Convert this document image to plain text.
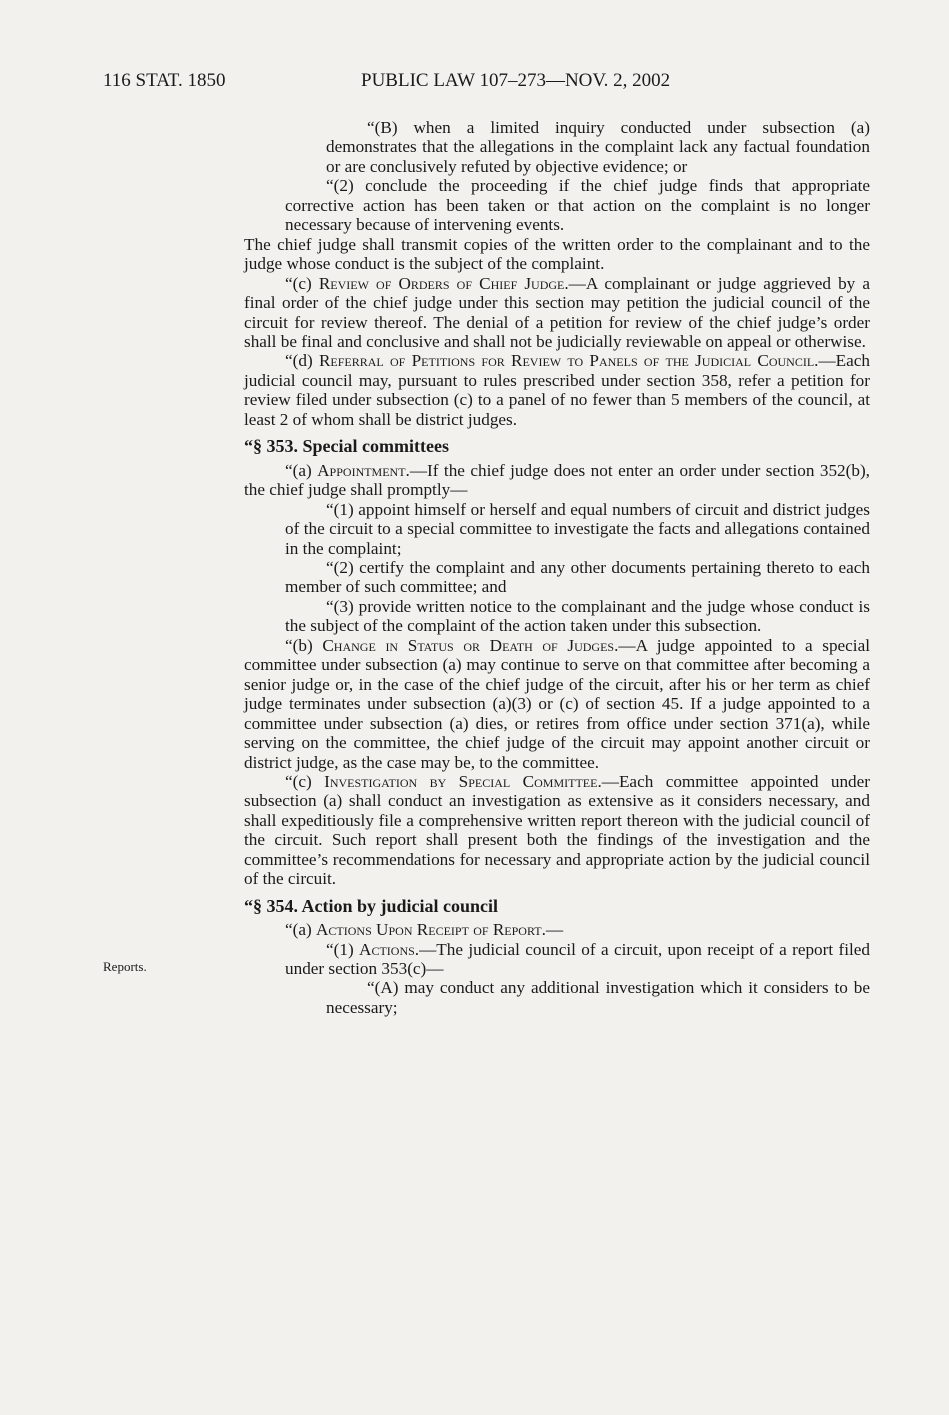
116 STAT. 1850	PUBLIC LAW 107–273—NOV. 2, 2002
Reports.

“(B) when a limited inquiry conducted under subsection (a) demonstrates that the allegations in the complaint lack any factual foundation or are conclusively refuted by objective evidence; or

“(2) conclude the proceeding if the chief judge finds that appropriate corrective action has been taken or that action on the complaint is no longer necessary because of intervening events.

The chief judge shall transmit copies of the written order to the complainant and to the judge whose conduct is the subject of the complaint.

“(c) Review of Orders of Chief Judge.—A complainant or judge aggrieved by a final order of the chief judge under this section may petition the judicial council of the circuit for review thereof. The denial of a petition for review of the chief judge’s order shall be final and conclusive and shall not be judicially reviewable on appeal or otherwise.

“(d) Referral of Petitions for Review to Panels of the Judicial Council.—Each judicial council may, pursuant to rules prescribed under section 358, refer a petition for review filed under subsection (c) to a panel of no fewer than 5 members of the council, at least 2 of whom shall be district judges.

“§ 353. Special committees

“(a) Appointment.—If the chief judge does not enter an order under section 352(b), the chief judge shall promptly—

“(1) appoint himself or herself and equal numbers of circuit and district judges of the circuit to a special committee to investigate the facts and allegations contained in the complaint;

“(2) certify the complaint and any other documents pertaining thereto to each member of such committee; and

“(3) provide written notice to the complainant and the judge whose conduct is the subject of the complaint of the action taken under this subsection.

“(b) Change in Status or Death of Judges.—A judge appointed to a special committee under subsection (a) may continue to serve on that committee after becoming a senior judge or, in the case of the chief judge of the circuit, after his or her term as chief judge terminates under subsection (a)(3) or (c) of section 45. If a judge appointed to a committee under subsection (a) dies, or retires from office under section 371(a), while serving on the committee, the chief judge of the circuit may appoint another circuit or district judge, as the case may be, to the committee.

“(c) Investigation by Special Committee.—Each committee appointed under subsection (a) shall conduct an investigation as extensive as it considers necessary, and shall expeditiously file a comprehensive written report thereon with the judicial council of the circuit. Such report shall present both the findings of the investigation and the committee’s recommendations for necessary and appropriate action by the judicial council of the circuit.

“§ 354. Action by judicial council

“(a) Actions Upon Receipt of Report.—

“(1) Actions.—The judicial council of a circuit, upon receipt of a report filed under section 353(c)—

“(A) may conduct any additional investigation which it considers to be necessary;
